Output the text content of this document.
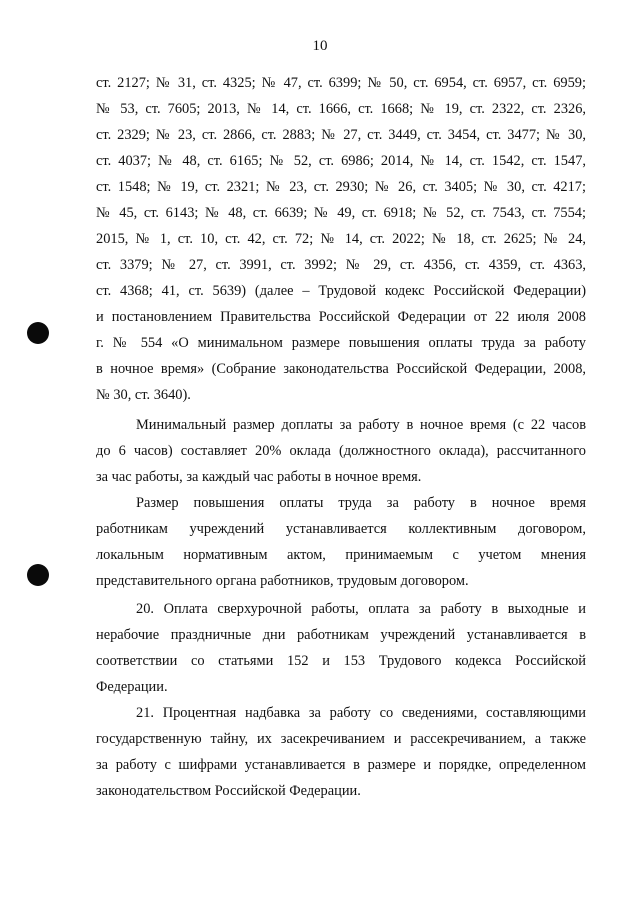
10
ст. 2127; № 31, ст. 4325; № 47, ст. 6399; № 50, ст. 6954, ст. 6957, ст. 6959;
№ 53, ст. 7605; 2013, № 14, ст. 1666, ст. 1668; № 19, ст. 2322, ст. 2326,
ст. 2329; № 23, ст. 2866, ст. 2883; № 27, ст. 3449, ст. 3454, ст. 3477; № 30,
ст. 4037; № 48, ст. 6165; № 52, ст. 6986; 2014, № 14, ст. 1542, ст. 1547,
ст. 1548; № 19, ст. 2321; № 23, ст. 2930; № 26, ст. 3405; № 30, ст. 4217;
№ 45, ст. 6143; № 48, ст. 6639; № 49, ст. 6918; № 52, ст. 7543, ст. 7554;
2015, № 1, ст. 10, ст. 42, ст. 72; № 14, ст. 2022; № 18, ст. 2625; № 24,
ст. 3379; № 27, ст. 3991, ст. 3992; № 29, ст. 4356, ст. 4359, ст. 4363,
ст. 4368; 41, ст. 5639) (далее – Трудовой кодекс Российской Федерации)
и постановлением Правительства Российской Федерации от 22 июля 2008
г. № 554 «О минимальном размере повышения оплаты труда за работу
в ночное время» (Собрание законодательства Российской Федерации, 2008,
№ 30, ст. 3640).
Минимальный размер доплаты за работу в ночное время (с 22 часов
до 6 часов) составляет 20% оклада (должностного оклада), рассчитанного
за час работы, за каждый час работы в ночное время.
Размер повышения оплаты труда за работу в ночное время
работникам учреждений устанавливается коллективным договором,
локальным нормативным актом, принимаемым с учетом мнения
представительного органа работников, трудовым договором.
20. Оплата сверхурочной работы, оплата за работу в выходные и
нерабочие праздничные дни работникам учреждений устанавливается в
соответствии со статьями 152 и 153 Трудового кодекса Российской
Федерации.
21. Процентная надбавка за работу со сведениями, составляющими
государственную тайну, их засекречиванием и рассекречиванием, а также
за работу с шифрами устанавливается в размере и порядке, определенном
законодательством Российской Федерации.
